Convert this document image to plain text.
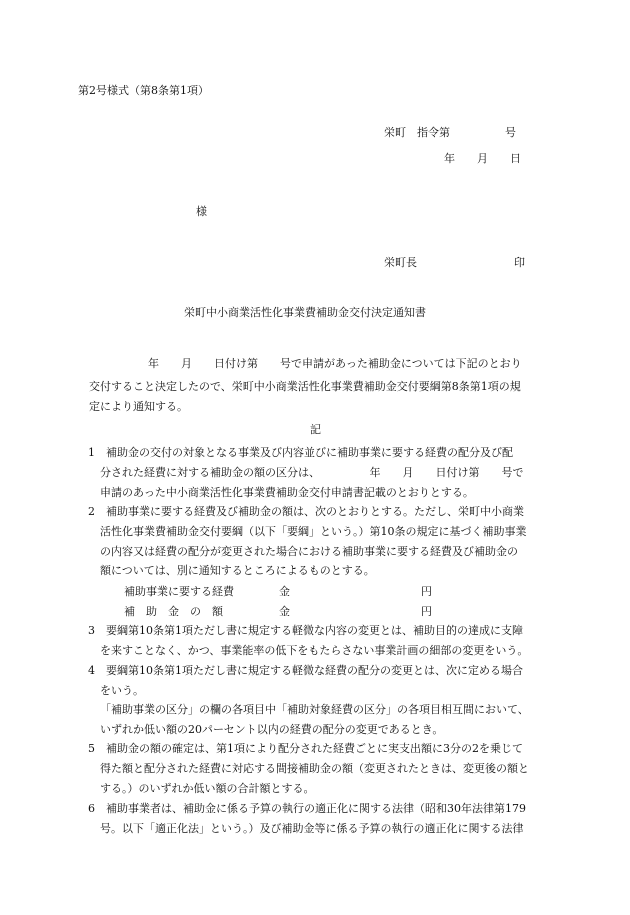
第2号様式（第8条第1項）
栄町　指令第　　　　　号
年　　月　　日
様
栄町長	印
栄町中小商業活性化事業費補助金交付決定通知書
年　　月　　日付け第　　号で申請があった補助金については下記のとおり
交付すること決定したので、栄町中小商業活性化事業費補助金交付要綱第8条第1項の規
定により通知する。
記
1　補助金の交付の対象となる事業及び内容並びに補助事業に要する経費の配分及び配
分された経費に対する補助金の額の区分は、　　　　　年　　月　　日付け第　　号で
申請のあった中小商業活性化事業費補助金交付申請書記載のとおりとする。
2　補助事業に要する経費及び補助金の額は、次のとおりとする。ただし、栄町中小商業
活性化事業費補助金交付要綱（以下「要綱」という。）第10条の規定に基づく補助事業
の内容又は経費の配分が変更された場合における補助事業に要する経費及び補助金の
額については、別に通知するところによるものとする。
補助事業に要する経費	金	円
補　助　金　の　額	金	円
3　要綱第10条第1項ただし書に規定する軽微な内容の変更とは、補助目的の達成に支障
を来すことなく、かつ、事業能率の低下をもたらさない事業計画の細部の変更をいう。
4　要綱第10条第1項ただし書に規定する軽微な経費の配分の変更とは、次に定める場合
をいう。
「補助事業の区分」の欄の各項目中「補助対象経費の区分」の各項目相互間において、
いずれか低い額の20パーセント以内の経費の配分の変更であるとき。
5　補助金の額の確定は、第1項により配分された経費ごとに実支出額に3分の2を乗じて
得た額と配分された経費に対応する間接補助金の額（変更されたときは、変更後の額と
する。）のいずれか低い額の合計額とする。
6　補助事業者は、補助金に係る予算の執行の適正化に関する法律（昭和30年法律第179
号。以下「適正化法」という。）及び補助金等に係る予算の執行の適正化に関する法律
